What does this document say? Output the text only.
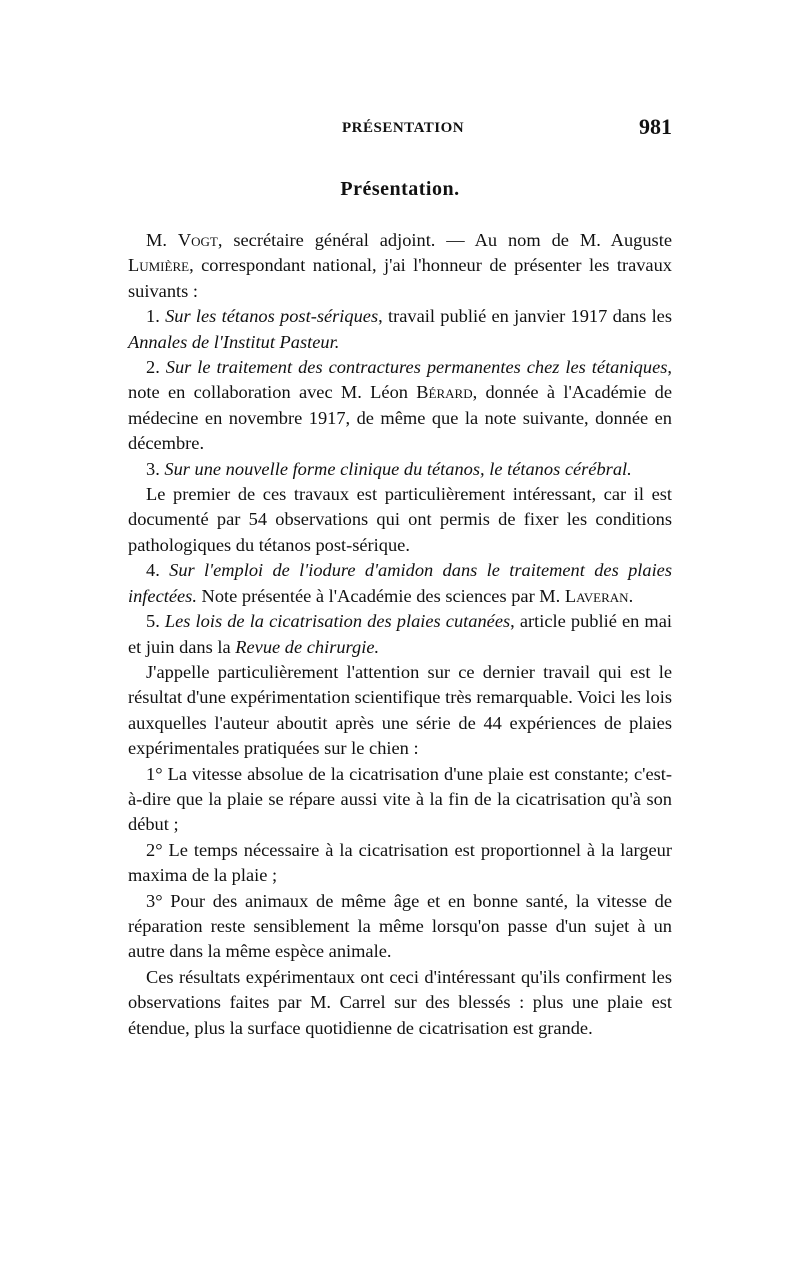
PRÉSENTATION	981
Présentation.

M. Vogt, secrétaire général adjoint. — Au nom de M. Auguste Lumière, correspondant national, j'ai l'honneur de présenter les travaux suivants :

1. Sur les tétanos post-sériques, travail publié en janvier 1917 dans les Annales de l'Institut Pasteur.

2. Sur le traitement des contractures permanentes chez les tétaniques, note en collaboration avec M. Léon Bérard, donnée à l'Académie de médecine en novembre 1917, de même que la note suivante, donnée en décembre.

3. Sur une nouvelle forme clinique du tétanos, le tétanos cérébral.

Le premier de ces travaux est particulièrement intéressant, car il est documenté par 54 observations qui ont permis de fixer les conditions pathologiques du tétanos post-sérique.

4. Sur l'emploi de l'iodure d'amidon dans le traitement des plaies infectées. Note présentée à l'Académie des sciences par M. Laveran.

5. Les lois de la cicatrisation des plaies cutanées, article publié en mai et juin dans la Revue de chirurgie.

J'appelle particulièrement l'attention sur ce dernier travail qui est le résultat d'une expérimentation scientifique très remarquable. Voici les lois auxquelles l'auteur aboutit après une série de 44 expériences de plaies expérimentales pratiquées sur le chien :

1° La vitesse absolue de la cicatrisation d'une plaie est constante; c'est-à-dire que la plaie se répare aussi vite à la fin de la cicatrisation qu'à son début ;

2° Le temps nécessaire à la cicatrisation est proportionnel à la largeur maxima de la plaie ;

3° Pour des animaux de même âge et en bonne santé, la vitesse de réparation reste sensiblement la même lorsqu'on passe d'un sujet à un autre dans la même espèce animale.

Ces résultats expérimentaux ont ceci d'intéressant qu'ils confirment les observations faites par M. Carrel sur des blessés : plus une plaie est étendue, plus la surface quotidienne de cicatrisation est grande.
